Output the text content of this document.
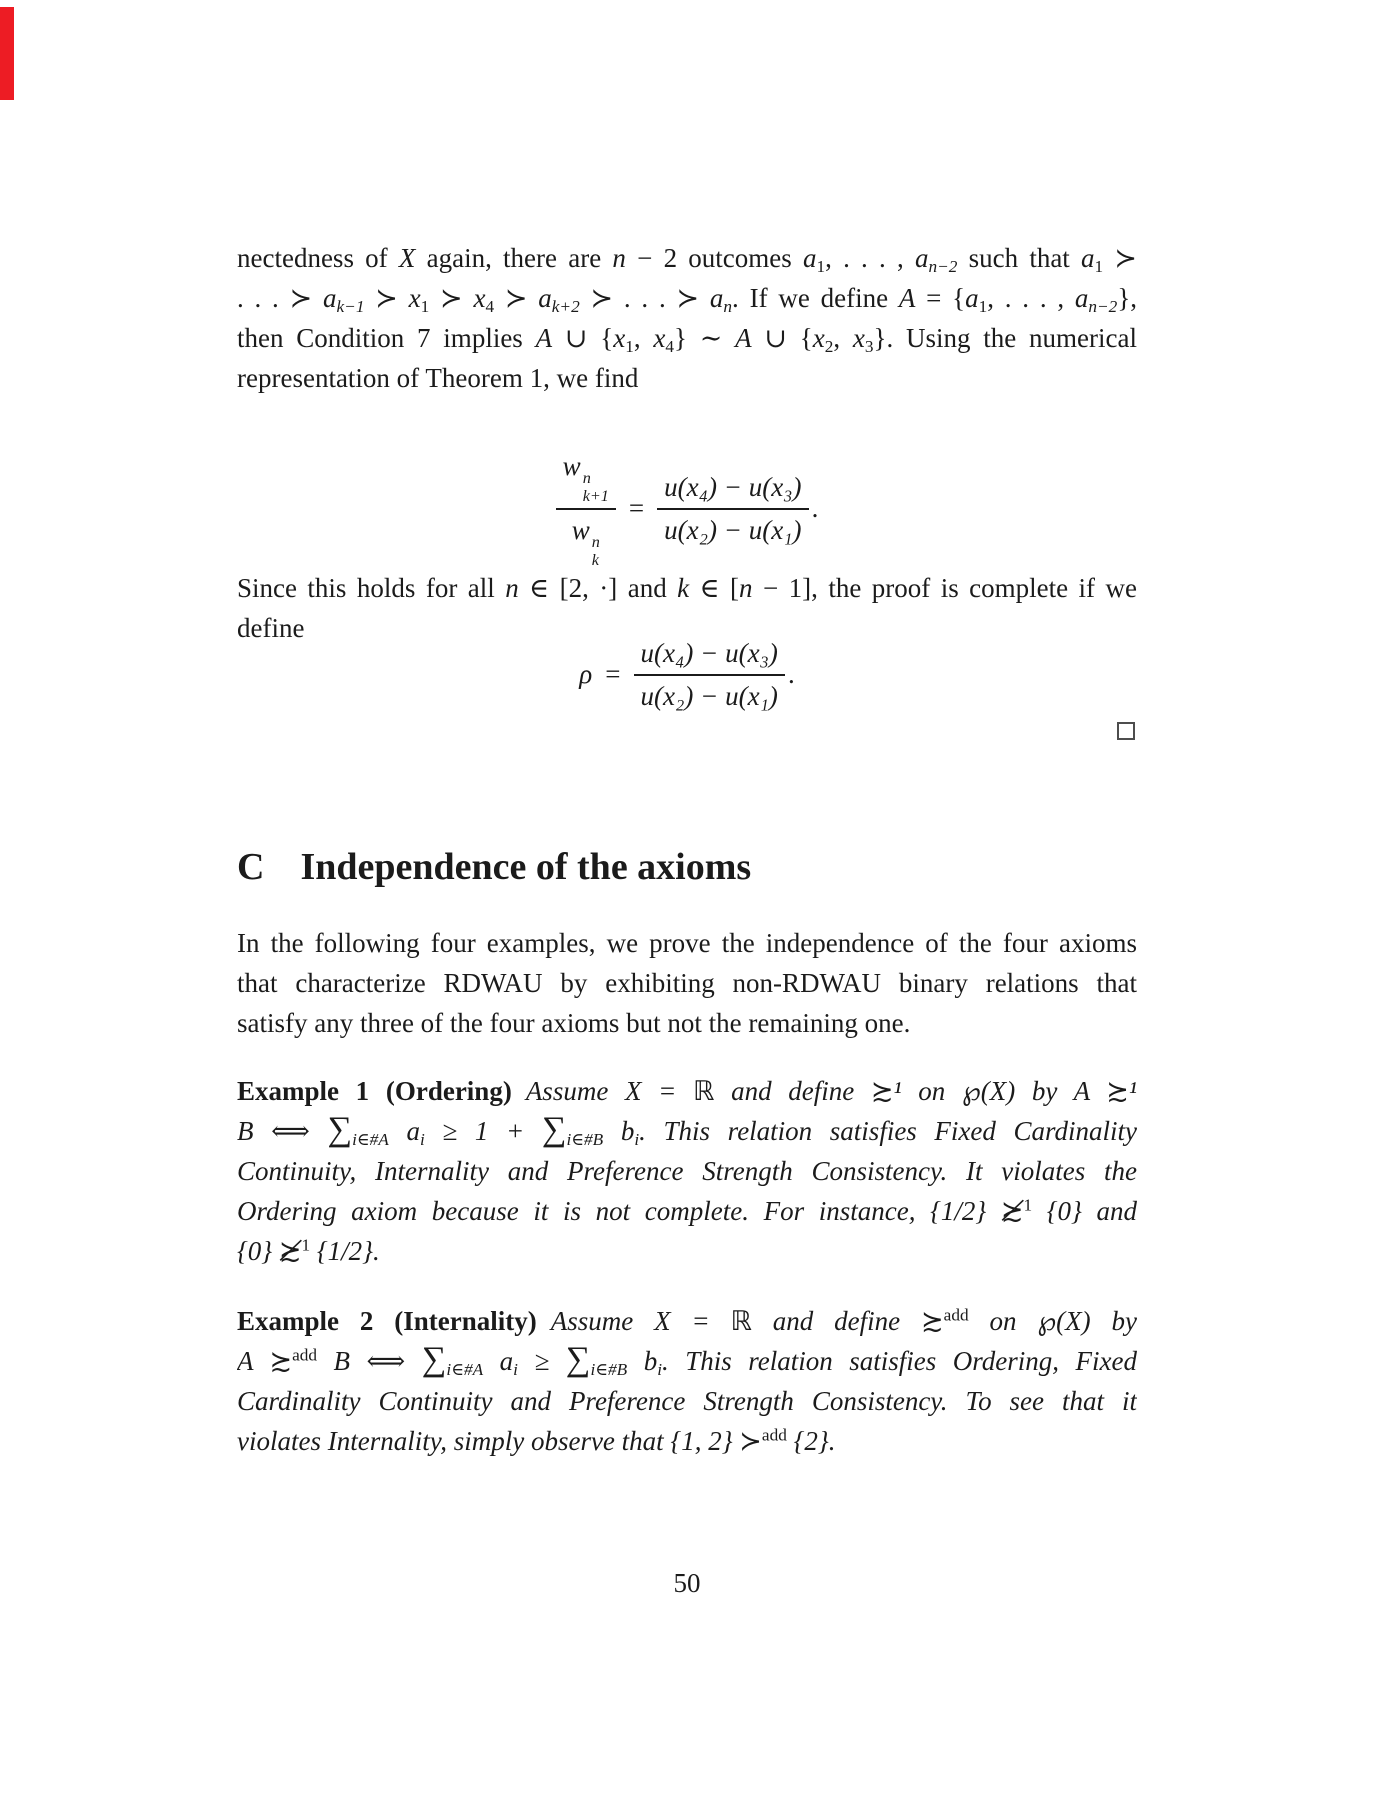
nectedness of X again, there are n − 2 outcomes $a_1$, . . . , $a_{n-2}$ such that $a_1$ ≻
. . . ≻ $a_{k-1}$ ≻ $x_1$ ≻ $x_4$ ≻ $a_{k+2}$ ≻ . . . ≻ $a_n$. If we define $A = \{a_1$, . . . , $a_{n-2}$},
then Condition 7 implies A ∪ {$x_1$, $x_4$} ∼ A ∪ {$x_2$, $x_3$}. Using the numerical
representation of Theorem 1, we find
w n
k+1
w n
$k = \frac{\text{u(x₄) − u(x₃)}}{\text{u(x₂) − u(x₁)}}$ .
Since this holds for all n ∈ [2, ·] and k ∈ [n − 1], the proof is complete if we
define
$\rho = \frac{\text{u(x₄) − u(x₃)}}{\text{u(x₂) − u(x₁)}}$ .
C Independence of the axioms
In the following four examples, we prove the independence of the four axioms
that characterize RDWAU by exhibiting non-RDWAU binary relations that
satisfy any three of the four axioms but not the remaining one.
Example 1 (Ordering) Assume X = ℝ and define ≿¹ on ℘(X) by A ≿¹
B ⟺ $\sum_{i\in\#A}$ $a_i \ge 1 + \sum_{i\in\#B}$ $b_i$. This relation satisfies Fixed Cardinality
Continuity, Internality and Preference Strength Consistency. It violates the
Ordering axiom because it is not complete. For instance, {1/2} ≿̸$^1$ {0} and
{0} ≿̸$^1$ {1/2}.
Example 2 (Internality) Assume X = ℝ and define ≿$^{add}$ on ℘(X) by
A ≿$^{add}$ B ⟺ $\sum_{i\in\#A}$ $a_i \ge \sum_{i\in\#B}$ $b_i$. This relation satisfies Ordering, Fixed
Cardinality Continuity and Preference Strength Consistency. To see that it
violates Internality, simply observe that {1, 2} ≻$^{add}$ {2}.
50
